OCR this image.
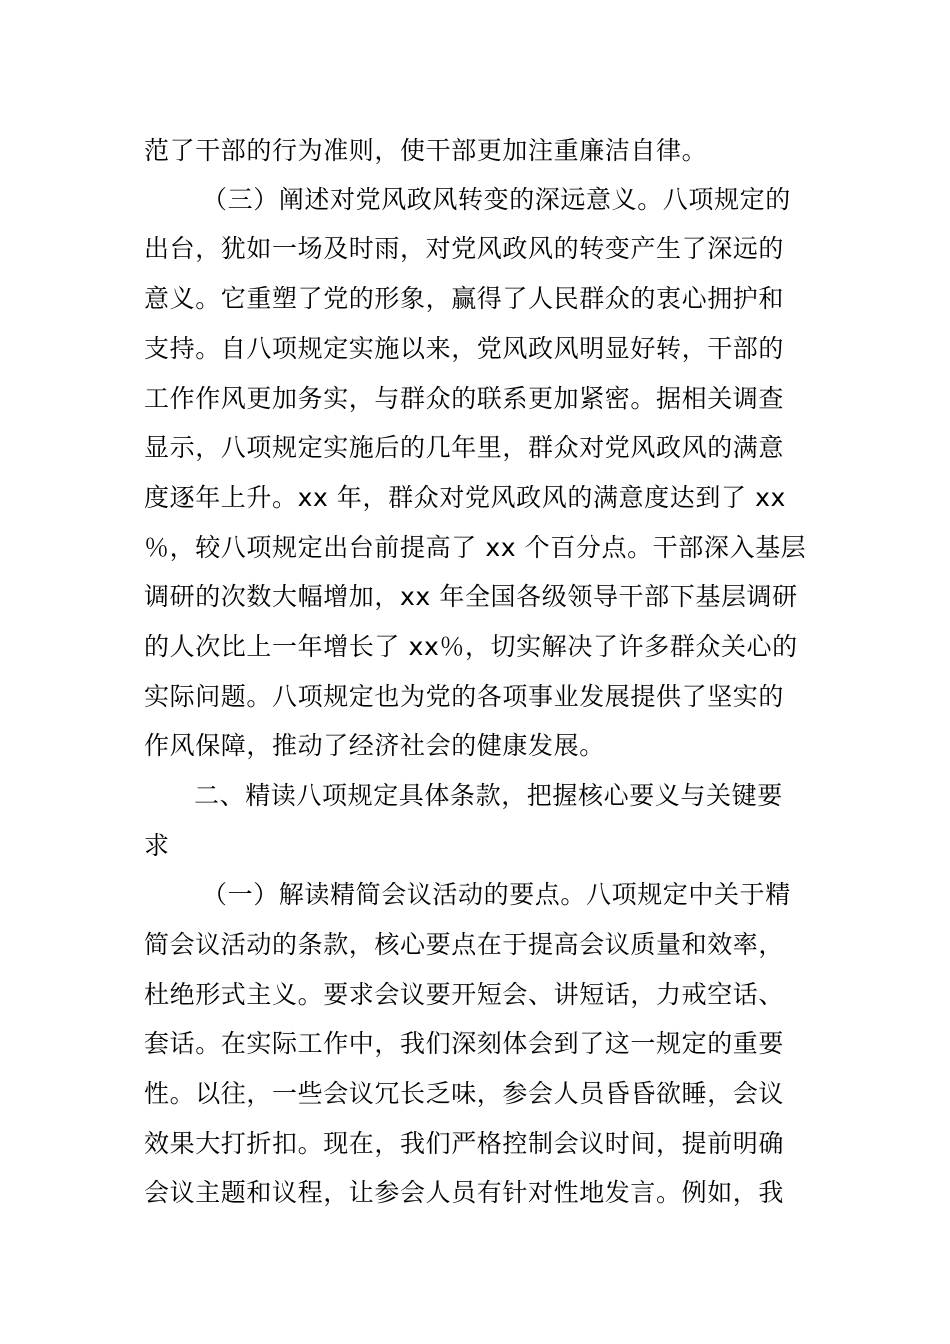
范了干部的行为准则，使干部更加注重廉洁自律。
（三）阐述对党风政风转变的深远意义。八项规定的
出台，犹如一场及时雨，对党风政风的转变产生了深远的
意义。它重塑了党的形象，赢得了人民群众的衷心拥护和
支持。自八项规定实施以来，党风政风明显好转，干部的
工作作风更加务实，与群众的联系更加紧密。据相关调查
显示，八项规定实施后的几年里，群众对党风政风的满意
度逐年上升。xx 年，群众对党风政风的满意度达到了 xx
％，较八项规定出台前提高了 xx 个百分点。干部深入基层
调研的次数大幅增加，xx 年全国各级领导干部下基层调研
的人次比上一年增长了 xx％，切实解决了许多群众关心的
实际问题。八项规定也为党的各项事业发展提供了坚实的
作风保障，推动了经济社会的健康发展。
二、精读八项规定具体条款，把握核心要义与关键要
求
（一）解读精简会议活动的要点。八项规定中关于精
简会议活动的条款，核心要点在于提高会议质量和效率，
杜绝形式主义。要求会议要开短会、讲短话，力戒空话、
套话。在实际工作中，我们深刻体会到了这一规定的重要
性。以往，一些会议冗长乏味，参会人员昏昏欲睡，会议
效果大打折扣。现在，我们严格控制会议时间，提前明确
会议主题和议程，让参会人员有针对性地发言。例如，我
